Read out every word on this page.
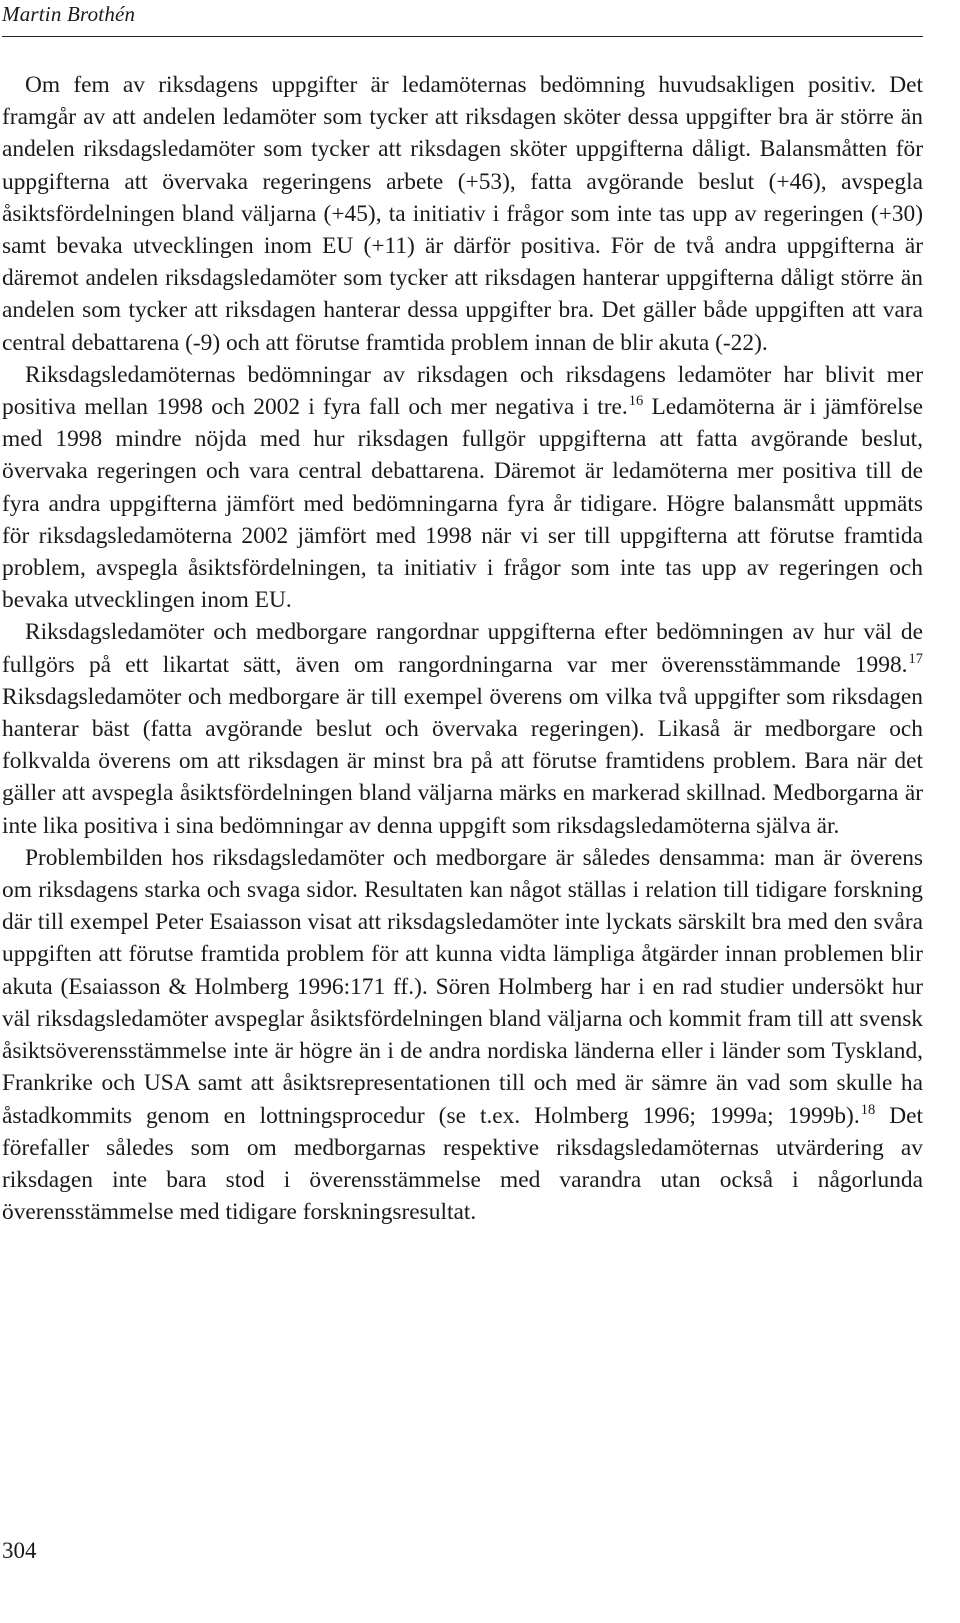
Martin Brothén

Om fem av riksdagens uppgifter är ledamöternas bedömning huvudsakligen positiv. Det framgår av att andelen ledamöter som tycker att riksdagen sköter dessa uppgifter bra är större än andelen riksdagsledamöter som tycker att riksdagen sköter uppgifterna dåligt. Balansmåtten för uppgifterna att övervaka regeringens arbete (+53), fatta avgörande beslut (+46), avspegla åsiktsfördelningen bland väljarna (+45), ta initiativ i frågor som inte tas upp av regeringen (+30) samt bevaka utvecklingen inom EU (+11) är därför positiva. För de två andra uppgifterna är däremot andelen riksdagsledamöter som tycker att riksdagen hanterar uppgifterna dåligt större än andelen som tycker att riksdagen hanterar dessa uppgifter bra. Det gäller både uppgiften att vara central debattarena (-9) och att förutse framtida problem innan de blir akuta (-22).

Riksdagsledamöternas bedömningar av riksdagen och riksdagens ledamöter har blivit mer positiva mellan 1998 och 2002 i fyra fall och mer negativa i tre.$^{16}$ Ledamöterna är i jämförelse med 1998 mindre nöjda med hur riksdagen fullgör uppgifterna att fatta avgörande beslut, övervaka regeringen och vara central debattarena. Däremot är ledamöterna mer positiva till de fyra andra uppgifterna jämfört med bedömningarna fyra år tidigare. Högre balansmått uppmäts för riksdagsledamöterna 2002 jämfört med 1998 när vi ser till uppgifterna att förutse framtida problem, avspegla åsiktsfördelningen, ta initiativ i frågor som inte tas upp av regeringen och bevaka utvecklingen inom EU.

Riksdagsledamöter och medborgare rangordnar uppgifterna efter bedömningen av hur väl de fullgörs på ett likartat sätt, även om rangordningarna var mer överensstämmande 1998.17 Riksdagsledamöter och medborgare är till exempel överens om vilka två uppgifter som riksdagen hanterar bäst (fatta avgörande beslut och övervaka regeringen). Likaså är medborgare och folkvalda överens om att riksdagen är minst bra på att förutse framtidens problem. Bara när det gäller att avspegla åsiktsfördelningen bland väljarna märks en markerad skillnad. Medborgarna är inte lika positiva i sina bedömningar av denna uppgift som riksdagsledamöterna själva är.

Problembilden hos riksdagsledamöter och medborgare är således densamma: man är överens om riksdagens starka och svaga sidor. Resultaten kan något ställas i relation till tidigare forskning där till exempel Peter Esaiasson visat att riksdagsledamöter inte lyckats särskilt bra med den svåra uppgiften att förutse framtida problem för att kunna vidta lämpliga åtgärder innan problemen blir akuta (Esaiasson & Holmberg 1996:171 ff.). Sören Holmberg har i en rad studier undersökt hur väl riksdagsledamöter avspeglar åsiktsfördelningen bland väljarna och kommit fram till att svensk åsiktsöverensstämmelse inte är högre än i de andra nordiska länderna eller i länder som Tyskland, Frankrike och USA samt att åsiktsrepresentationen till och med är sämre än vad som skulle ha åstadkommits genom en lottningsprocedur (se t.ex. Holmberg 1996; 1999a; 1999b).$^{18}$ Det förefaller således som om medborgarnas respektive riksdagsledamöternas utvärdering av riksdagen inte bara stod i överensstämmelse med varandra utan också i någorlunda överensstämmelse med tidigare forskningsresultat.

304
